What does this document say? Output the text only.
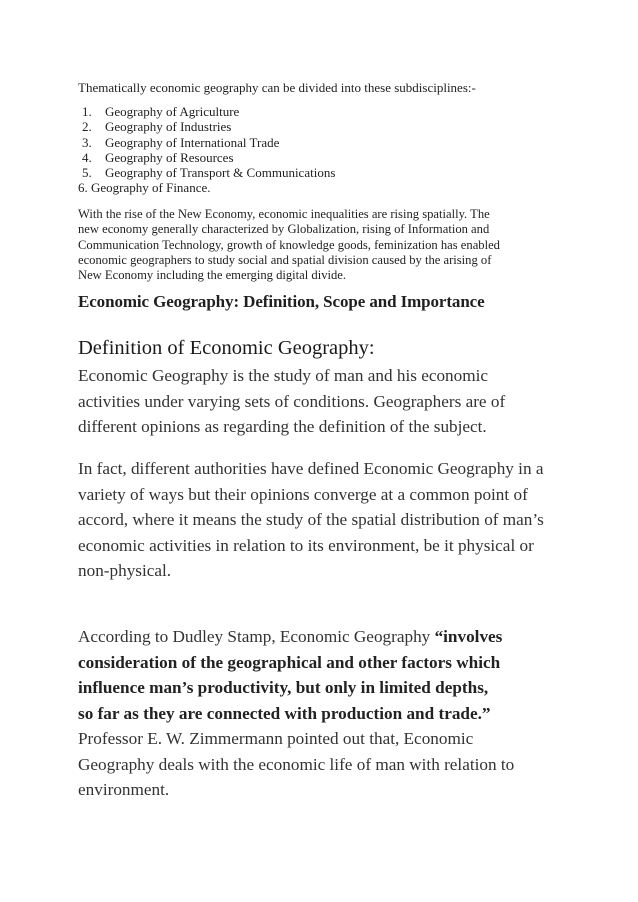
Thematically economic geography can be divided into these subdisciplines:-
1. Geography of Agriculture
2. Geography of Industries
3. Geography of International Trade
4. Geography of Resources
5. Geography of Transport & Communications
6. Geography of Finance.
With the rise of the New Economy, economic inequalities are rising spatially. The
new economy generally characterized by Globalization, rising of Information and
Communication Technology, growth of knowledge goods, feminization has enabled
economic geographers to study social and spatial division caused by the arising of
New Economy including the emerging digital divide.
Economic Geography: Definition, Scope and Importance
Definition of Economic Geography:
Economic Geography is the study of man and his economic
activities under varying sets of conditions. Geographers are of
different opinions as regarding the definition of the subject.
In fact, different authorities have defined Economic Geography in a
variety of ways but their opinions converge at a common point of
accord, where it means the study of the spatial distribution of man’s
economic activities in relation to its environment, be it physical or
non-physical.
According to Dudley Stamp, Economic Geography “involves
consideration of the geographical and other factors which
influence man’s productivity, but only in limited depths,
so far as they are connected with production and trade.”
Professor E. W. Zimmermann pointed out that, Economic
Geography deals with the economic life of man with relation to
environment.
